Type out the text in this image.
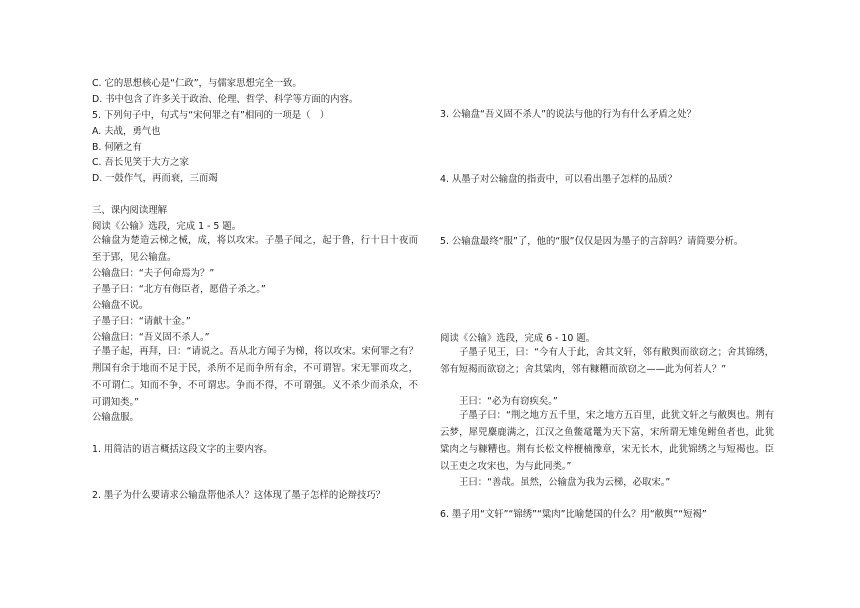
C. 它的思想核心是“仁政”，与儒家思想完全一致。
D. 书中包含了许多关于政治、伦理、哲学、科学等方面的内容。
5. 下列句子中，句式与“宋何罪之有”相同的一项是（　）
A. 夫战，勇气也
B. 何陋之有
C. 吾长见笑于大方之家
D. 一鼓作气，再而衰，三而竭
三、课内阅读理解
阅读《公输》选段，完成 1 - 5 题。
公输盘为楚造云梯之械，成，将以攻宋。子墨子闻之，起于鲁，行十日十夜而至于郢，见公输盘。
公输盘曰：“夫子何命焉为？”
子墨子曰：“北方有侮臣者，愿借子杀之。”
公输盘不说。
子墨子曰：“请献十金。”
公输盘曰：“吾义固不杀人。”
子墨子起，再拜，曰：“请说之。吾从北方闻子为梯，将以攻宋。宋何罪之有？荆国有余于地而不足于民，杀所不足而争所有余，不可谓智。宋无罪而攻之，不可谓仁。知而不争，不可谓忠。争而不得，不可谓强。义不杀少而杀众，不可谓知类。”
公输盘服。
1. 用简洁的语言概括这段文字的主要内容。
2. 墨子为什么要请求公输盘帮他杀人？这体现了墨子怎样的论辩技巧？
3. 公输盘“吾义固不杀人”的说法与他的行为有什么矛盾之处？
4. 从墨子对公输盘的指责中，可以看出墨子怎样的品质？
5. 公输盘最终“服”了，他的“服”仅仅是因为墨子的言辞吗？请简要分析。
阅读《公输》选段，完成 6 - 10 题。
子墨子见王，曰：“今有人于此，舍其文轩，邻有敝舆而欲窃之；舍其锦绣，邻有短褐而欲窃之；舍其粱肉，邻有糠糟而欲窃之——此为何若人？”
王曰：“必为有窃疾矣。”
子墨子曰：“荆之地方五千里，宋之地方五百里，此犹文轩之与敝舆也。荆有云梦，犀兕麋鹿满之，江汉之鱼鳖鼋鼍为天下富，宋所谓无雉兔鲋鱼者也，此犹粱肉之与糠糟也。荆有长松文梓楩楠豫章，宋无长木，此犹锦绣之与短褐也。臣以王吏之攻宋也，为与此同类。”
王曰：“善哉。虽然，公输盘为我为云梯，必取宋。”
6. 墨子用“文轩”“锦绣”“粱肉”比喻楚国的什么？用“敝舆”“短褐”
